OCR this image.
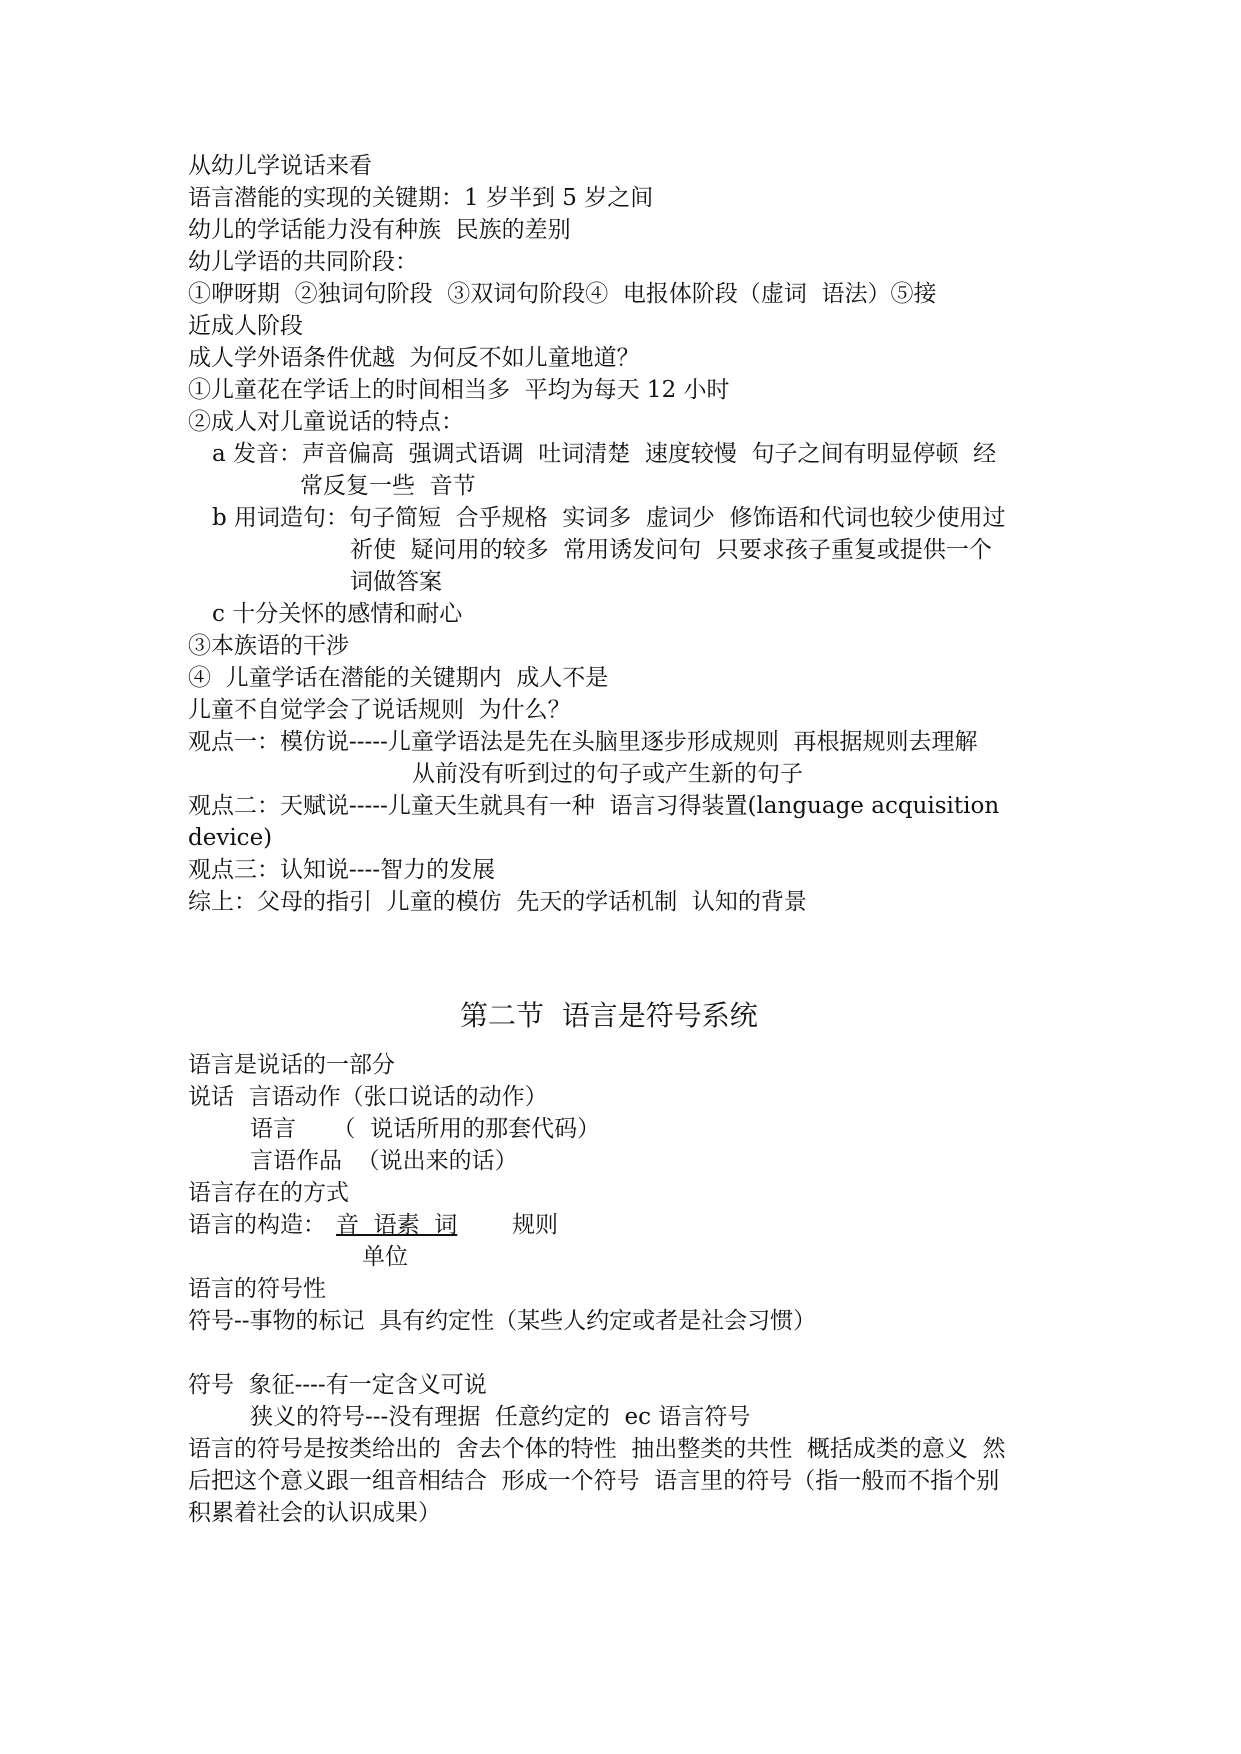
从幼儿学说话来看
语言潜能的实现的关键期：1 岁半到 5 岁之间
幼儿的学话能力没有种族  民族的差别
幼儿学语的共同阶段：
①咿呀期  ②独词句阶段  ③双词句阶段④  电报体阶段（虚词  语法）⑤接
近成人阶段
成人学外语条件优越  为何反不如儿童地道？
①儿童花在学话上的时间相当多  平均为每天 12 小时
②成人对儿童说话的特点：
a 发音：声音偏高  强调式语调  吐词清楚  速度较慢  句子之间有明显停顿  经
常反复一些  音节
b 用词造句：句子简短  合乎规格  实词多  虚词少  修饰语和代词也较少使用过
祈使  疑问用的较多  常用诱发问句  只要求孩子重复或提供一个
词做答案
c 十分关怀的感情和耐心
③本族语的干涉
④  儿童学话在潜能的关键期内  成人不是
儿童不自觉学会了说话规则  为什么？
观点一：模仿说-----儿童学语法是先在头脑里逐步形成规则  再根据规则去理解
从前没有听到过的句子或产生新的句子
观点二：天赋说-----儿童天生就具有一种  语言习得装置(language acquisition
device)
观点三：认知说----智力的发展
综上：父母的指引  儿童的模仿  先天的学话机制  认知的背景
第二节  语言是符号系统
语言是说话的一部分
说话  言语动作（张口说话的动作）
语言     （  说话所用的那套代码）
言语作品  （说出来的话）
语言存在的方式
语言的构造： 音  语素  词 规则
单位
语言的符号性
符号--事物的标记  具有约定性（某些人约定或者是社会习惯）
符号  象征----有一定含义可说
狭义的符号---没有理据  任意约定的  ec 语言符号
语言的符号是按类给出的  舍去个体的特性  抽出整类的共性  概括成类的意义  然
后把这个意义跟一组音相结合  形成一个符号  语言里的符号（指一般而不指个别
积累着社会的认识成果）
